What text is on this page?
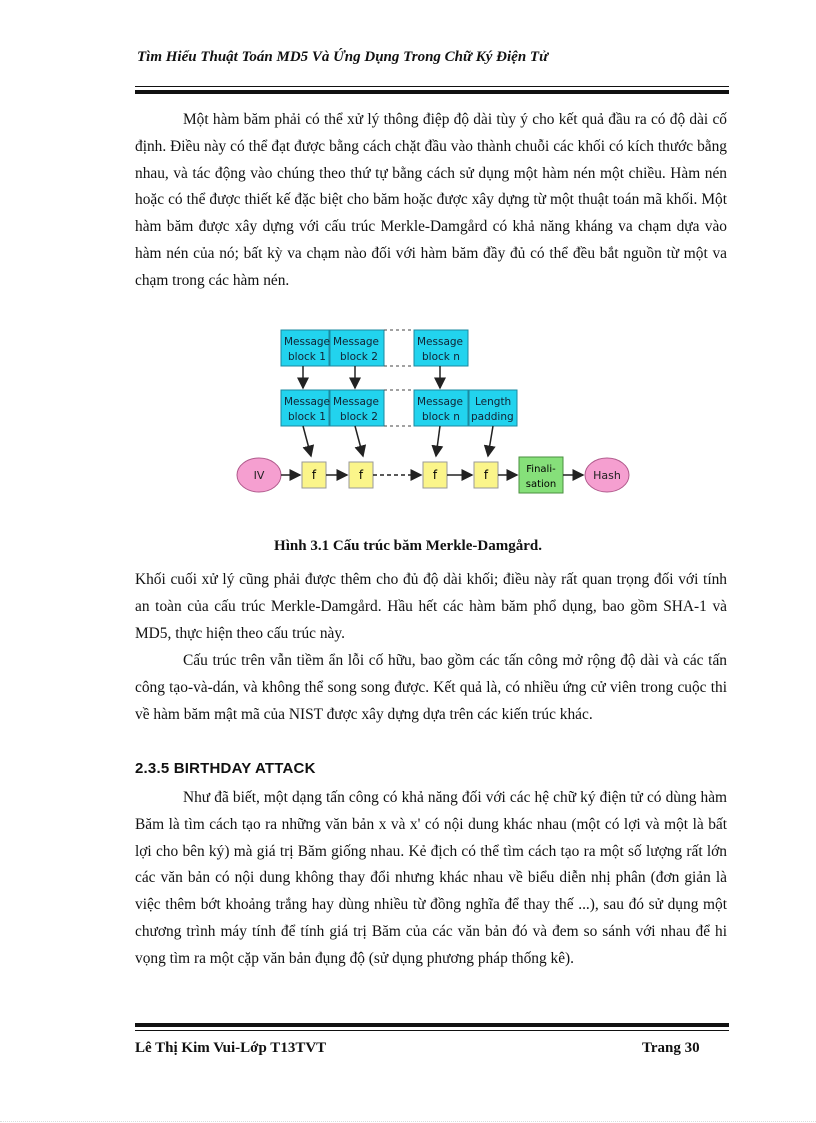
Tìm Hiểu Thuật Toán MD5 Và Ứng Dụng Trong Chữ Ký Điện Tử

Một hàm băm phải có thể xử lý thông điệp độ dài tùy ý cho kết quả đầu ra có độ dài cố định. Điều này có thể đạt được bằng cách chặt đầu vào thành chuỗi các khối có kích thước bằng nhau, và tác động vào chúng theo thứ tự bằng cách sử dụng một hàm nén một chiều. Hàm nén hoặc có thể được thiết kế đặc biệt cho băm hoặc được xây dựng từ một thuật toán mã khối. Một hàm băm được xây dựng với cấu trúc Merkle-Damgård có khả năng kháng va chạm dựa vào hàm nén của nó; bất kỳ va chạm nào đối với hàm băm đầy đủ có thể đều bắt nguồn từ một va chạm trong các hàm nén.

Message
block 1
Message
block 2
Message
block n
Message
block 1
Message
block 2
Message
block n
Length
padding
IV	f	f	f	f	Finali-
sation
Hash
Hình 3.1 Cấu trúc băm Merkle-Damgård.

Khối cuối xử lý cũng phải được thêm cho đủ độ dài khối; điều này rất quan trọng đối với tính an toàn của cấu trúc Merkle-Damgård. Hầu hết các hàm băm phổ dụng, bao gồm SHA-1 và MD5, thực hiện theo cấu trúc này.

Cấu trúc trên vẫn tiềm ẩn lỗi cố hữu, bao gồm các tấn công mở rộng độ dài và các tấn công tạo-và-dán, và không thể song song được. Kết quả là, có nhiều ứng cử viên trong cuộc thi về hàm băm mật mã của NIST được xây dựng dựa trên các kiến trúc khác.

2.3.5 BIRTHDAY ATTACK

Như đã biết, một dạng tấn công có khả năng đối với các hệ chữ ký điện tử có dùng hàm Băm là tìm cách tạo ra những văn bản x và x' có nội dung khác nhau (một có lợi và một là bất lợi cho bên ký) mà giá trị Băm giống nhau. Kẻ địch có thể tìm cách tạo ra một số lượng rất lớn các văn bản có nội dung không thay đổi nhưng khác nhau về biểu diễn nhị phân (đơn giản là việc thêm bớt khoảng trắng hay dùng nhiều từ đồng nghĩa để thay thế ...), sau đó sử dụng một chương trình máy tính để tính giá trị Băm của các văn bản đó và đem so sánh với nhau để hi vọng tìm ra một cặp văn bản đụng độ (sử dụng phương pháp thống kê).

Lê Thị Kim Vui-Lớp T13TVT	Trang 30
